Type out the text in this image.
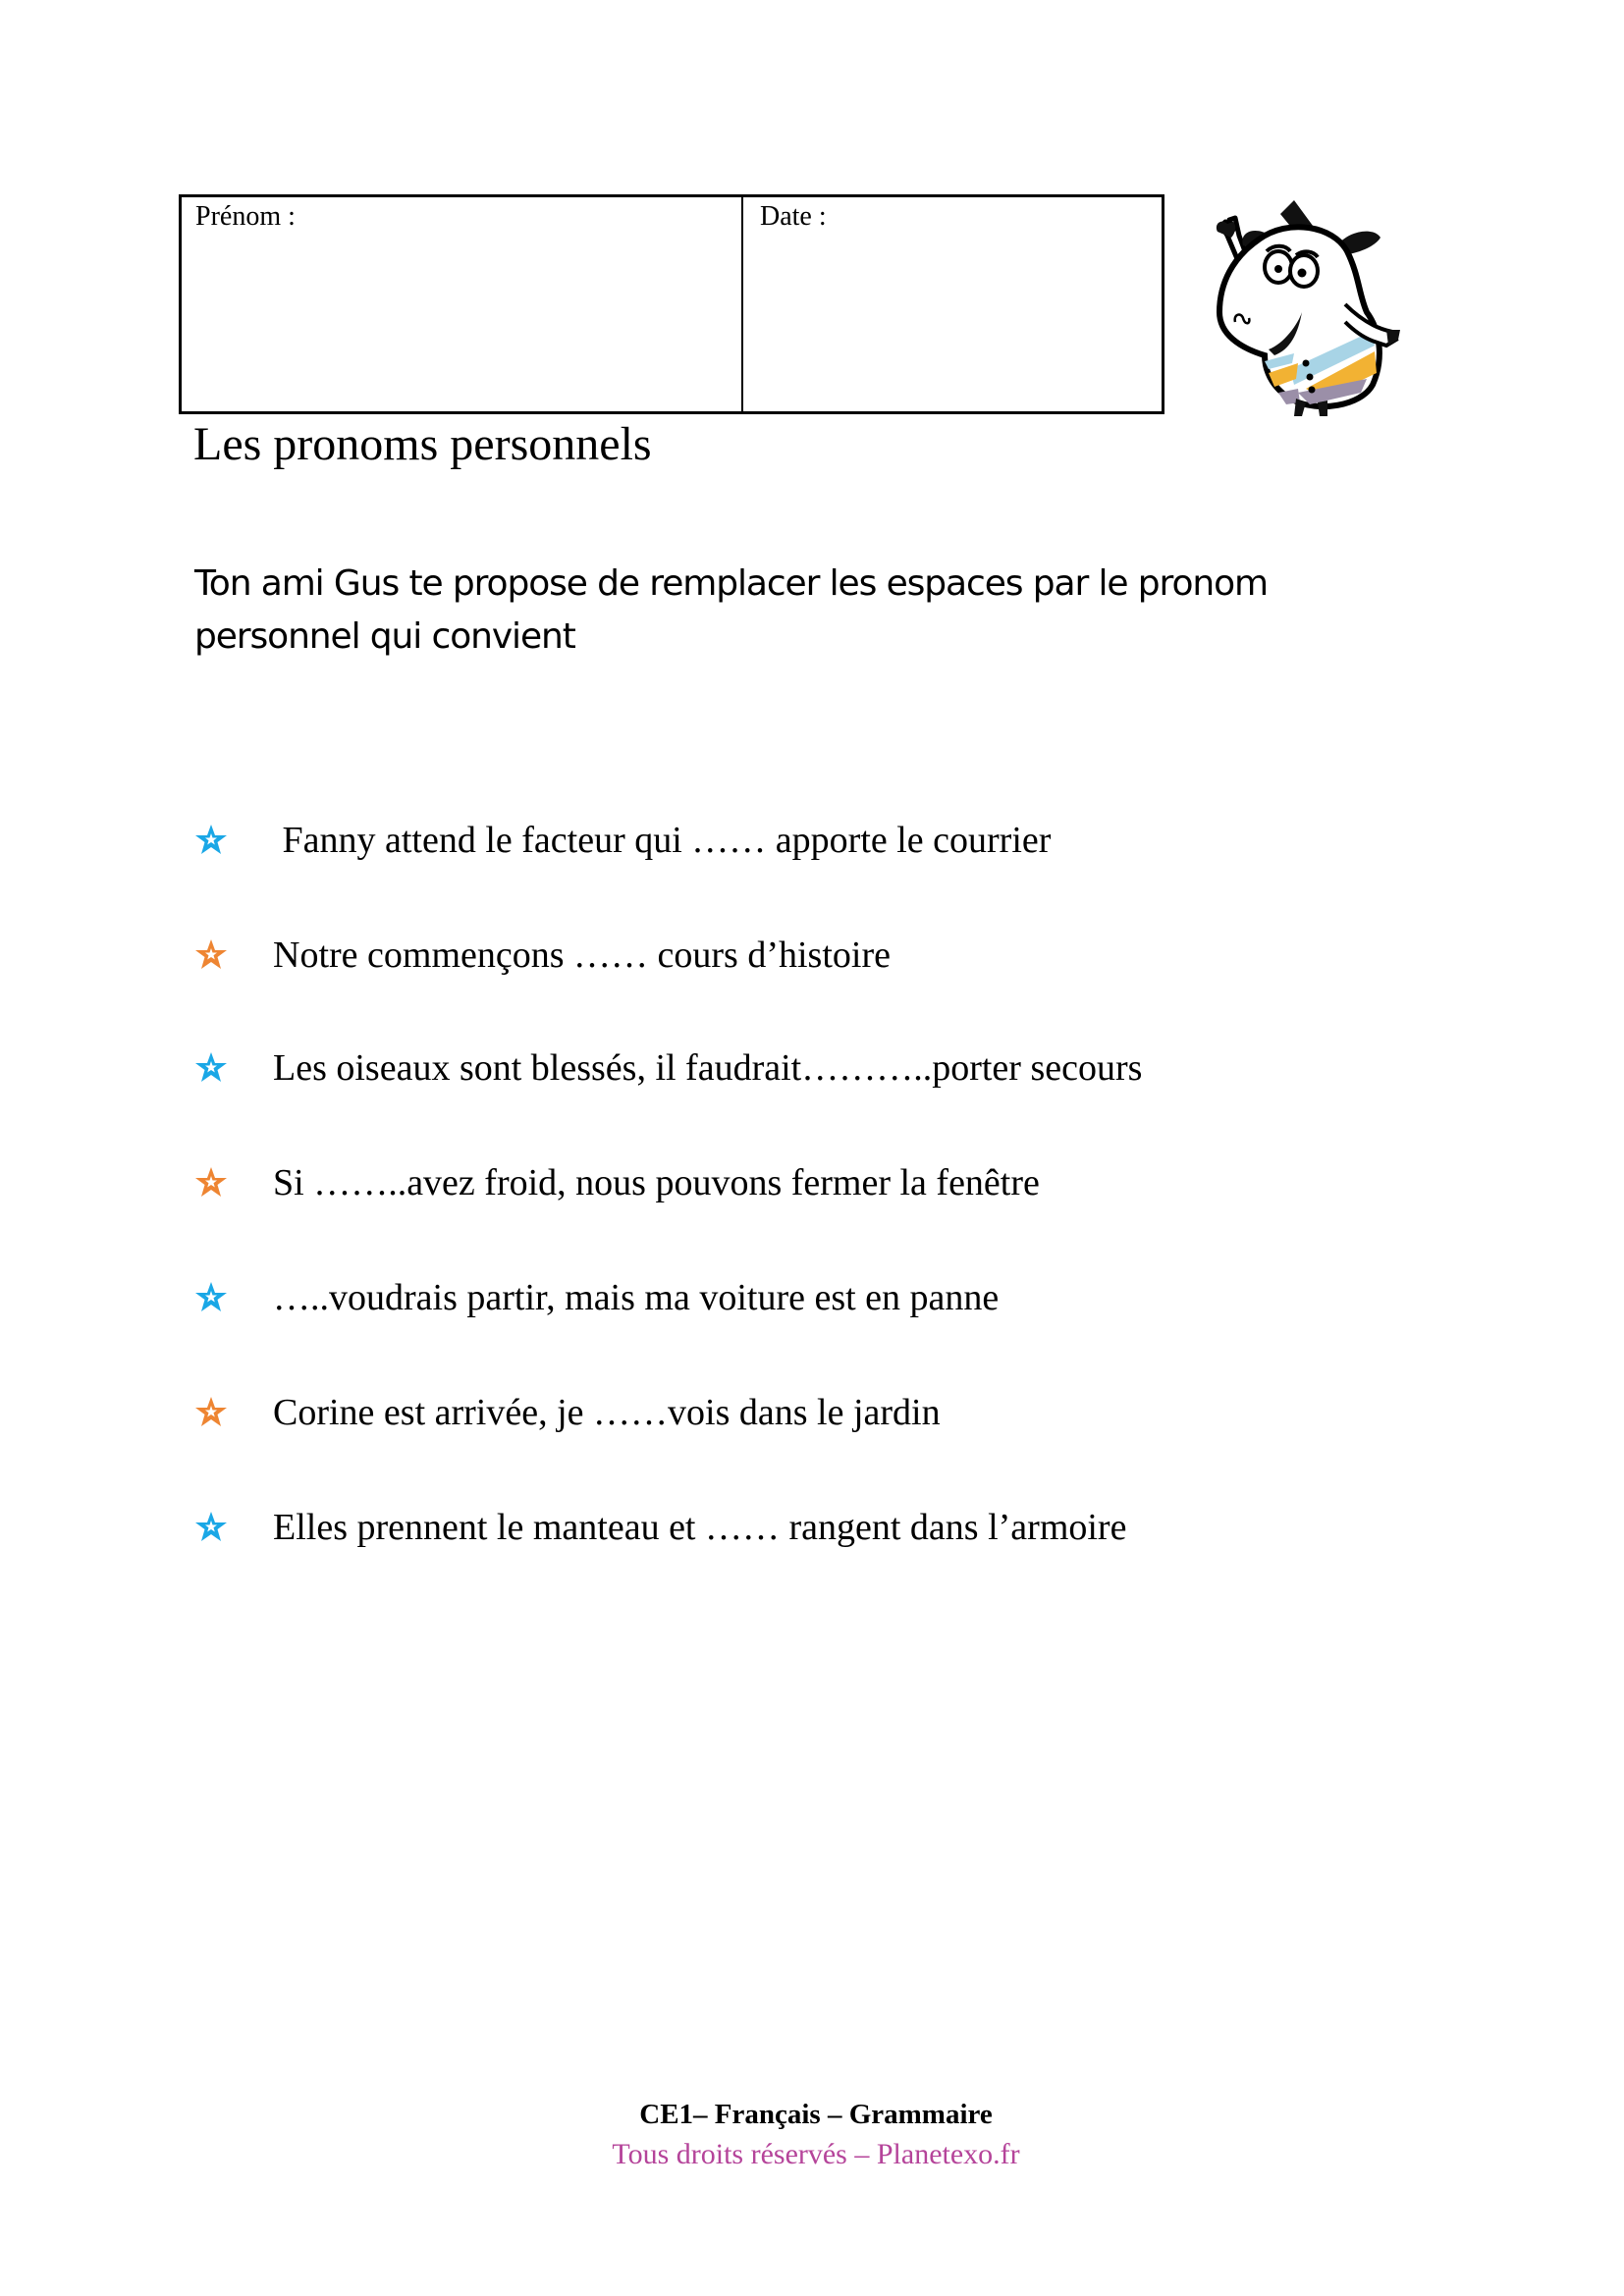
Prénom :	Date :
Les pronoms personnels

Ton ami Gus te propose de remplacer les espaces par le pronom personnel qui convient

Fanny attend le facteur qui …… apporte le courrier
Notre commençons …… cours d’histoire
Les oiseaux sont blessés, il faudrait………..porter secours
Si ……..avez froid, nous pouvons fermer la fenêtre
…..voudrais partir, mais ma voiture est en panne
Corine est arrivée, je ……vois dans le jardin
Elles prennent le manteau et …… rangent dans l’armoire
CE1– Français – Grammaire
Tous droits réservés – Planetexo.fr
